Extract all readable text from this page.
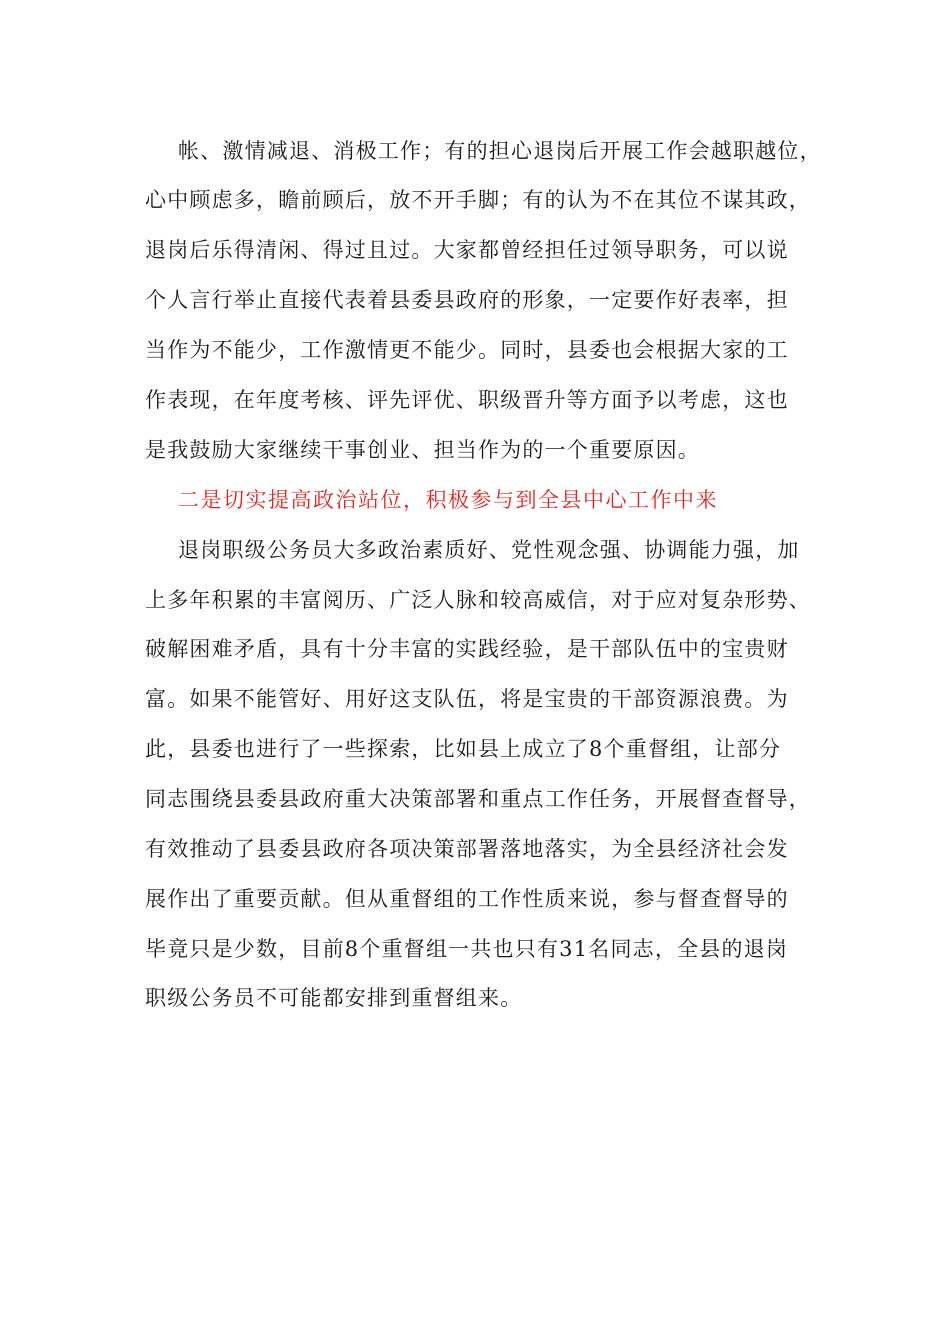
帐、激情减退、消极工作；有的担心退岗后开展工作会越职越位，
心中顾虑多，瞻前顾后，放不开手脚；有的认为不在其位不谋其政，
退岗后乐得清闲、得过且过。大家都曾经担任过领导职务，可以说
个人言行举止直接代表着县委县政府的形象，一定要作好表率，担
当作为不能少，工作激情更不能少。同时，县委也会根据大家的工
作表现，在年度考核、评先评优、职级晋升等方面予以考虑，这也
是我鼓励大家继续干事创业、担当作为的一个重要原因。
二是切实提高政治站位，积极参与到全县中心工作中来
退岗职级公务员大多政治素质好、党性观念强、协调能力强，加
上多年积累的丰富阅历、广泛人脉和较高威信，对于应对复杂形势、
破解困难矛盾，具有十分丰富的实践经验，是干部队伍中的宝贵财
富。如果不能管好、用好这支队伍，将是宝贵的干部资源浪费。为
此，县委也进行了一些探索，比如县上成立了8个重督组，让部分
同志围绕县委县政府重大决策部署和重点工作任务，开展督查督导，
有效推动了县委县政府各项决策部署落地落实，为全县经济社会发
展作出了重要贡献。但从重督组的工作性质来说，参与督查督导的
毕竟只是少数，目前8个重督组一共也只有31名同志，全县的退岗
职级公务员不可能都安排到重督组来。
